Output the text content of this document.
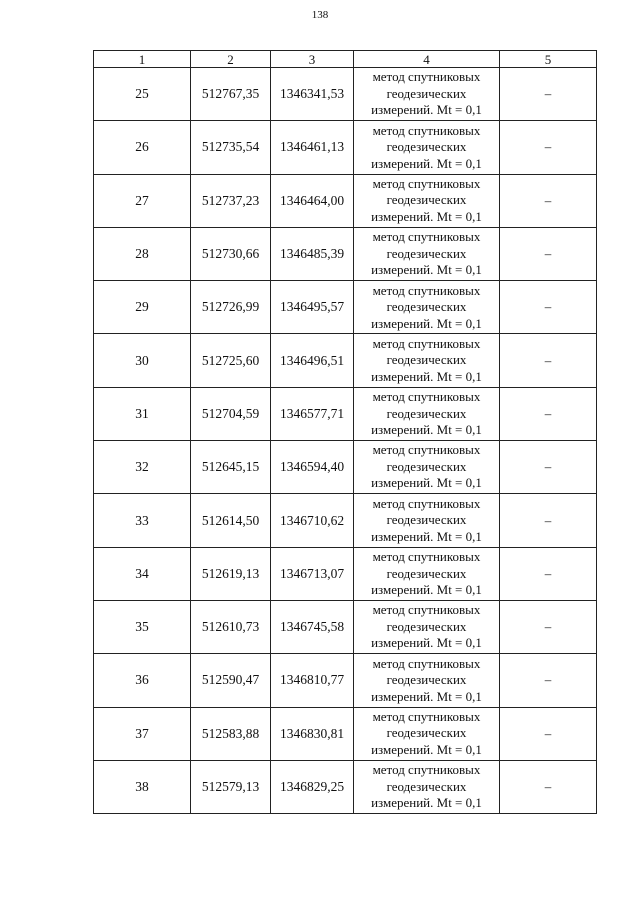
138
1	2	3	4	5
25	512767,35	1346341,53	метод спутниковых
геодезических
измерений. Mt = 0,1	–
26	512735,54	1346461,13	метод спутниковых
геодезических
измерений. Mt = 0,1	–
27	512737,23	1346464,00	метод спутниковых
геодезических
измерений. Mt = 0,1	–
28	512730,66	1346485,39	метод спутниковых
геодезических
измерений. Mt = 0,1	–
29	512726,99	1346495,57	метод спутниковых
геодезических
измерений. Mt = 0,1	–
30	512725,60	1346496,51	метод спутниковых
геодезических
измерений. Mt = 0,1	–
31	512704,59	1346577,71	метод спутниковых
геодезических
измерений. Mt = 0,1	–
32	512645,15	1346594,40	метод спутниковых
геодезических
измерений. Mt = 0,1	–
33	512614,50	1346710,62	метод спутниковых
геодезических
измерений. Mt = 0,1	–
34	512619,13	1346713,07	метод спутниковых
геодезических
измерений. Mt = 0,1	–
35	512610,73	1346745,58	метод спутниковых
геодезических
измерений. Mt = 0,1	–
36	512590,47	1346810,77	метод спутниковых
геодезических
измерений. Mt = 0,1	–
37	512583,88	1346830,81	метод спутниковых
геодезических
измерений. Mt = 0,1	–
38	512579,13	1346829,25	метод спутниковых
геодезических
измерений. Mt = 0,1	–
